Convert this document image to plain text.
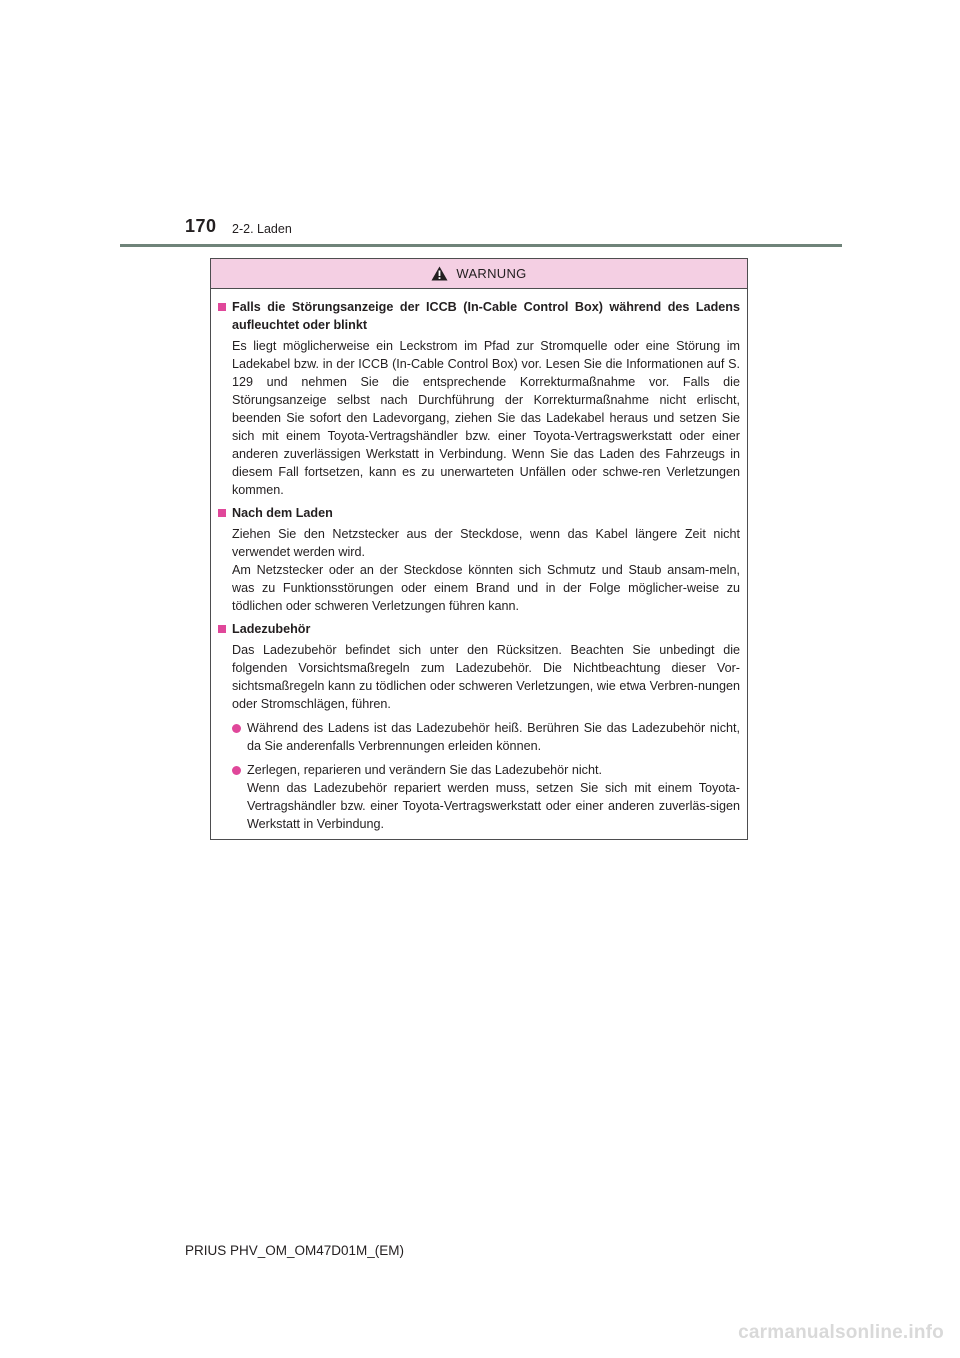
170 2-2. Laden
WARNUNG
Falls die Störungsanzeige der ICCB (In-Cable Control Box) während des Ladens aufleuchtet oder blinkt

Es liegt möglicherweise ein Leckstrom im Pfad zur Stromquelle oder eine Störung im Ladekabel bzw. in der ICCB (In-Cable Control Box) vor. Lesen Sie die Informationen auf S. 129 und nehmen Sie die entsprechende Korrekturmaßnahme vor. Falls die Störungsanzeige selbst nach Durchführung der Korrekturmaßnahme nicht erlischt, beenden Sie sofort den Ladevorgang, ziehen Sie das Ladekabel heraus und setzen Sie sich mit einem Toyota-Vertragshändler bzw. einer Toyota-Vertragswerkstatt oder einer anderen zuverlässigen Werkstatt in Verbindung. Wenn Sie das Laden des Fahrzeugs in diesem Fall fortsetzen, kann es zu unerwarteten Unfällen oder schwe-ren Verletzungen kommen.

Nach dem Laden

Ziehen Sie den Netzstecker aus der Steckdose, wenn das Kabel längere Zeit nicht verwendet werden wird.

Am Netzstecker oder an der Steckdose könnten sich Schmutz und Staub ansam-meln, was zu Funktionsstörungen oder einem Brand und in der Folge möglicher-weise zu tödlichen oder schweren Verletzungen führen kann.

Ladezubehör

Das Ladezubehör befindet sich unter den Rücksitzen. Beachten Sie unbedingt die folgenden Vorsichtsmaßregeln zum Ladezubehör. Die Nichtbeachtung dieser Vor-sichtsmaßregeln kann zu tödlichen oder schweren Verletzungen, wie etwa Verbren-nungen oder Stromschlägen, führen.

Während des Ladens ist das Ladezubehör heiß. Berühren Sie das Ladezubehör nicht, da Sie anderenfalls Verbrennungen erleiden können.

Zerlegen, reparieren und verändern Sie das Ladezubehör nicht.

Wenn das Ladezubehör repariert werden muss, setzen Sie sich mit einem Toyota-Vertragshändler bzw. einer Toyota-Vertragswerkstatt oder einer anderen zuverläs-sigen Werkstatt in Verbindung.

PRIUS PHV_OM_OM47D01M_(EM)
carmanualsonline.info
